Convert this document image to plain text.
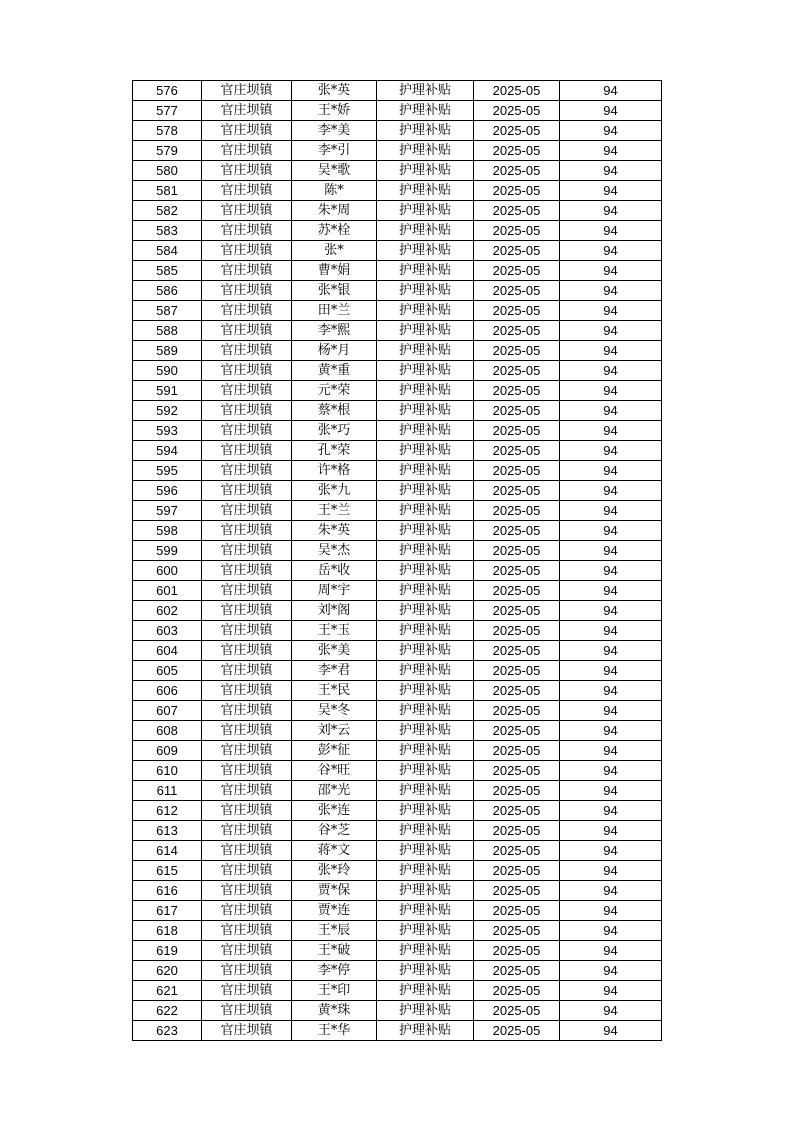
576	官庄坝镇	张*英	护理补贴	2025-05	94
577	官庄坝镇	王*娇	护理补贴	2025-05	94
578	官庄坝镇	李*美	护理补贴	2025-05	94
579	官庄坝镇	李*引	护理补贴	2025-05	94
580	官庄坝镇	吴*歌	护理补贴	2025-05	94
581	官庄坝镇	陈*	护理补贴	2025-05	94
582	官庄坝镇	朱*周	护理补贴	2025-05	94
583	官庄坝镇	苏*栓	护理补贴	2025-05	94
584	官庄坝镇	张*	护理补贴	2025-05	94
585	官庄坝镇	曹*娟	护理补贴	2025-05	94
586	官庄坝镇	张*银	护理补贴	2025-05	94
587	官庄坝镇	田*兰	护理补贴	2025-05	94
588	官庄坝镇	李*熙	护理补贴	2025-05	94
589	官庄坝镇	杨*月	护理补贴	2025-05	94
590	官庄坝镇	黄*重	护理补贴	2025-05	94
591	官庄坝镇	元*荣	护理补贴	2025-05	94
592	官庄坝镇	蔡*根	护理补贴	2025-05	94
593	官庄坝镇	张*巧	护理补贴	2025-05	94
594	官庄坝镇	孔*荣	护理补贴	2025-05	94
595	官庄坝镇	许*格	护理补贴	2025-05	94
596	官庄坝镇	张*九	护理补贴	2025-05	94
597	官庄坝镇	王*兰	护理补贴	2025-05	94
598	官庄坝镇	朱*英	护理补贴	2025-05	94
599	官庄坝镇	吴*杰	护理补贴	2025-05	94
600	官庄坝镇	岳*收	护理补贴	2025-05	94
601	官庄坝镇	周*宇	护理补贴	2025-05	94
602	官庄坝镇	刘*阁	护理补贴	2025-05	94
603	官庄坝镇	王*玉	护理补贴	2025-05	94
604	官庄坝镇	张*美	护理补贴	2025-05	94
605	官庄坝镇	李*君	护理补贴	2025-05	94
606	官庄坝镇	王*民	护理补贴	2025-05	94
607	官庄坝镇	吴*冬	护理补贴	2025-05	94
608	官庄坝镇	刘*云	护理补贴	2025-05	94
609	官庄坝镇	彭*征	护理补贴	2025-05	94
610	官庄坝镇	谷*旺	护理补贴	2025-05	94
611	官庄坝镇	邵*光	护理补贴	2025-05	94
612	官庄坝镇	张*连	护理补贴	2025-05	94
613	官庄坝镇	谷*芝	护理补贴	2025-05	94
614	官庄坝镇	蒋*文	护理补贴	2025-05	94
615	官庄坝镇	张*玲	护理补贴	2025-05	94
616	官庄坝镇	贾*保	护理补贴	2025-05	94
617	官庄坝镇	贾*连	护理补贴	2025-05	94
618	官庄坝镇	王*辰	护理补贴	2025-05	94
619	官庄坝镇	王*破	护理补贴	2025-05	94
620	官庄坝镇	李*停	护理补贴	2025-05	94
621	官庄坝镇	王*印	护理补贴	2025-05	94
622	官庄坝镇	黄*珠	护理补贴	2025-05	94
623	官庄坝镇	王*华	护理补贴	2025-05	94
